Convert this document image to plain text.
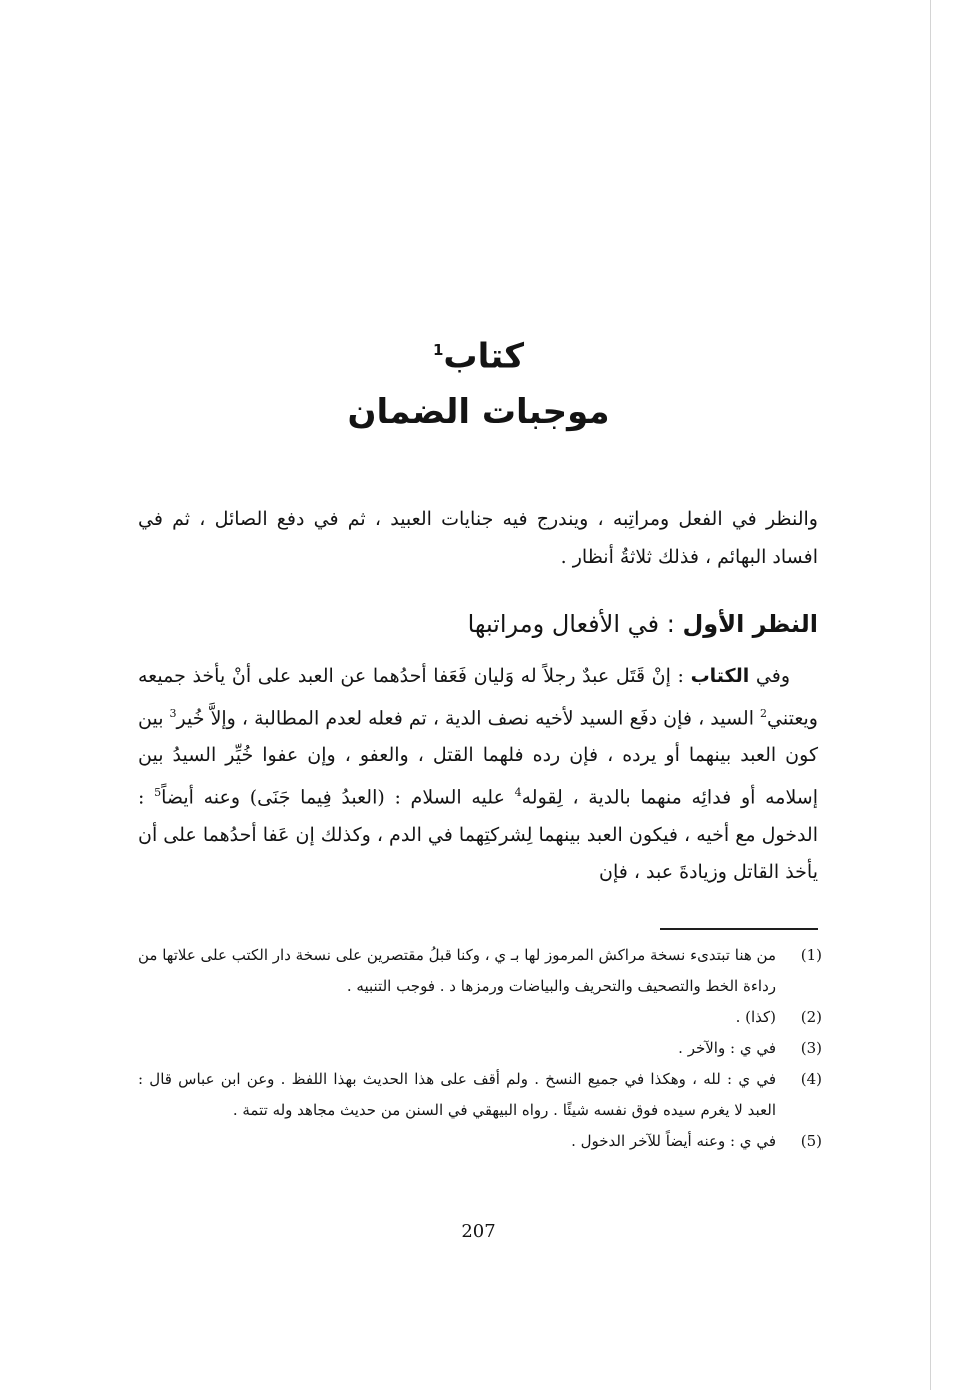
كتاب$^1$
موجبات الضمان

والنظر في الفعل ومراتِبه ، ويندرج فيه جنايات العبيد ، ثم في دفع الصائل ، ثم في افساد البهائم ، فذلك ثلاثةُ أنظار .

النظر الأول : في الأفعال ومراتبها

وفي الكتاب : إنْ قَتَل عبدٌ رجلاً له وَليان فَعَفا أحدُهما عن العبد على أنْ يأخذ جميعه ويعتني$^2$ السيد ، فإن دفَع السيد لأخيه نصف الدية ، تم فعله لعدم المطالبة ، وإلاَّ خُير$^3$ بين كون العبد بينهما أو يرده ، فإن رده فلهما القتل ، والعفو ، وإن عفوا خُيِّر السيدُ بين إسلامه أو فدائِه منهما بالدية ، لِقوله$^4$ عليه السلام : (العبدُ فِيما جَنَى) وعنه أيضاً$^5$ : الدخول مع أخيه ، فيكون العبد بينهما لِشركتِهما في الدم ، وكذلك إن عَفا أحدُهما على أن يأخذ القاتل وزيادةَ عبد ، فإن

(1)
من هنا تبتدىء نسخة مراكش المرموز لها بـ ي ، وكنا قبلُ مقتصرين على نسخة دار الكتب على علاتها من رداءة الخط والتصحيف والتحريف والبياضات ورمزها د . فوجب التنبيه .
(2)
(كذا) .
(3)
في ي : والآخر .
(4)
في ي : لله ، وهكذا في جميع النسخ . ولم أقف على هذا الحديث بهذا اللفظ . وعن ابن عباس قال : العبد لا يغرم سيده فوق نفسه شيئًا . رواه البيهقي في السنن من حديث مجاهد وله تتمة .
(5)
في ي : وعنه أيضاً للآخر الدخول .
207
